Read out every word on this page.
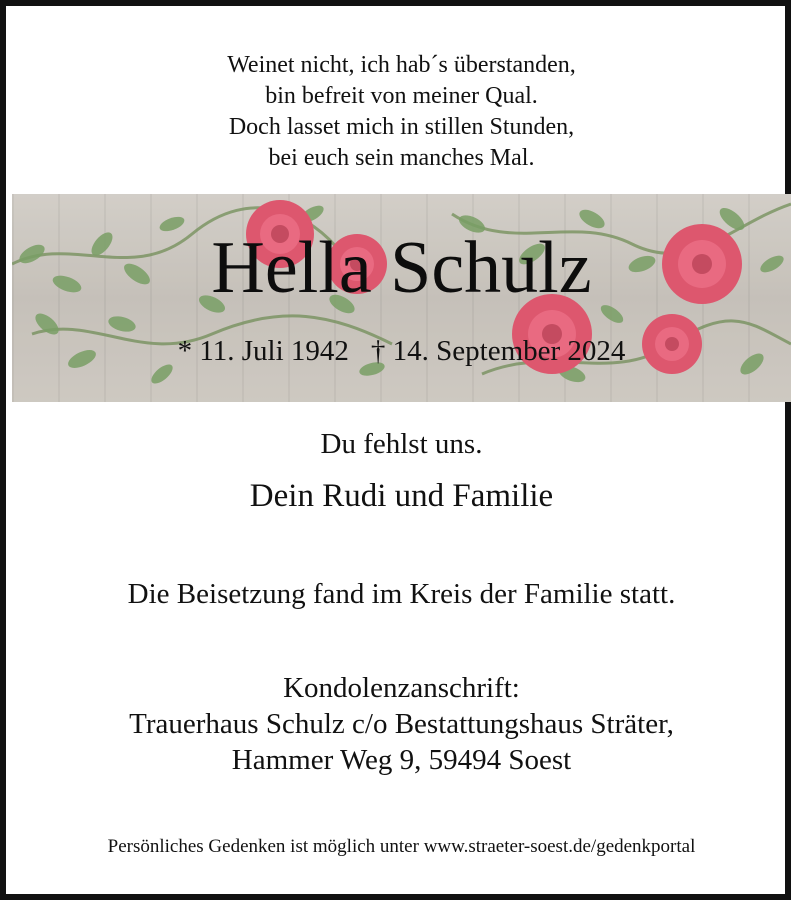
Weinet nicht, ich hab´s überstanden,
bin befreit von meiner Qual.
Doch lasset mich in stillen Stunden,
bei euch sein manches Mal.
Hella Schulz
* 11. Juli 1942 † 14. September 2024
Du fehlst uns.
Dein Rudi und Familie
Die Beisetzung fand im Kreis der Familie statt.
Kondolenzanschrift:
Trauerhaus Schulz c/o Bestattungshaus Sträter,
Hammer Weg 9, 59494 Soest
Persönliches Gedenken ist möglich unter www.straeter-soest.de/gedenkportal
